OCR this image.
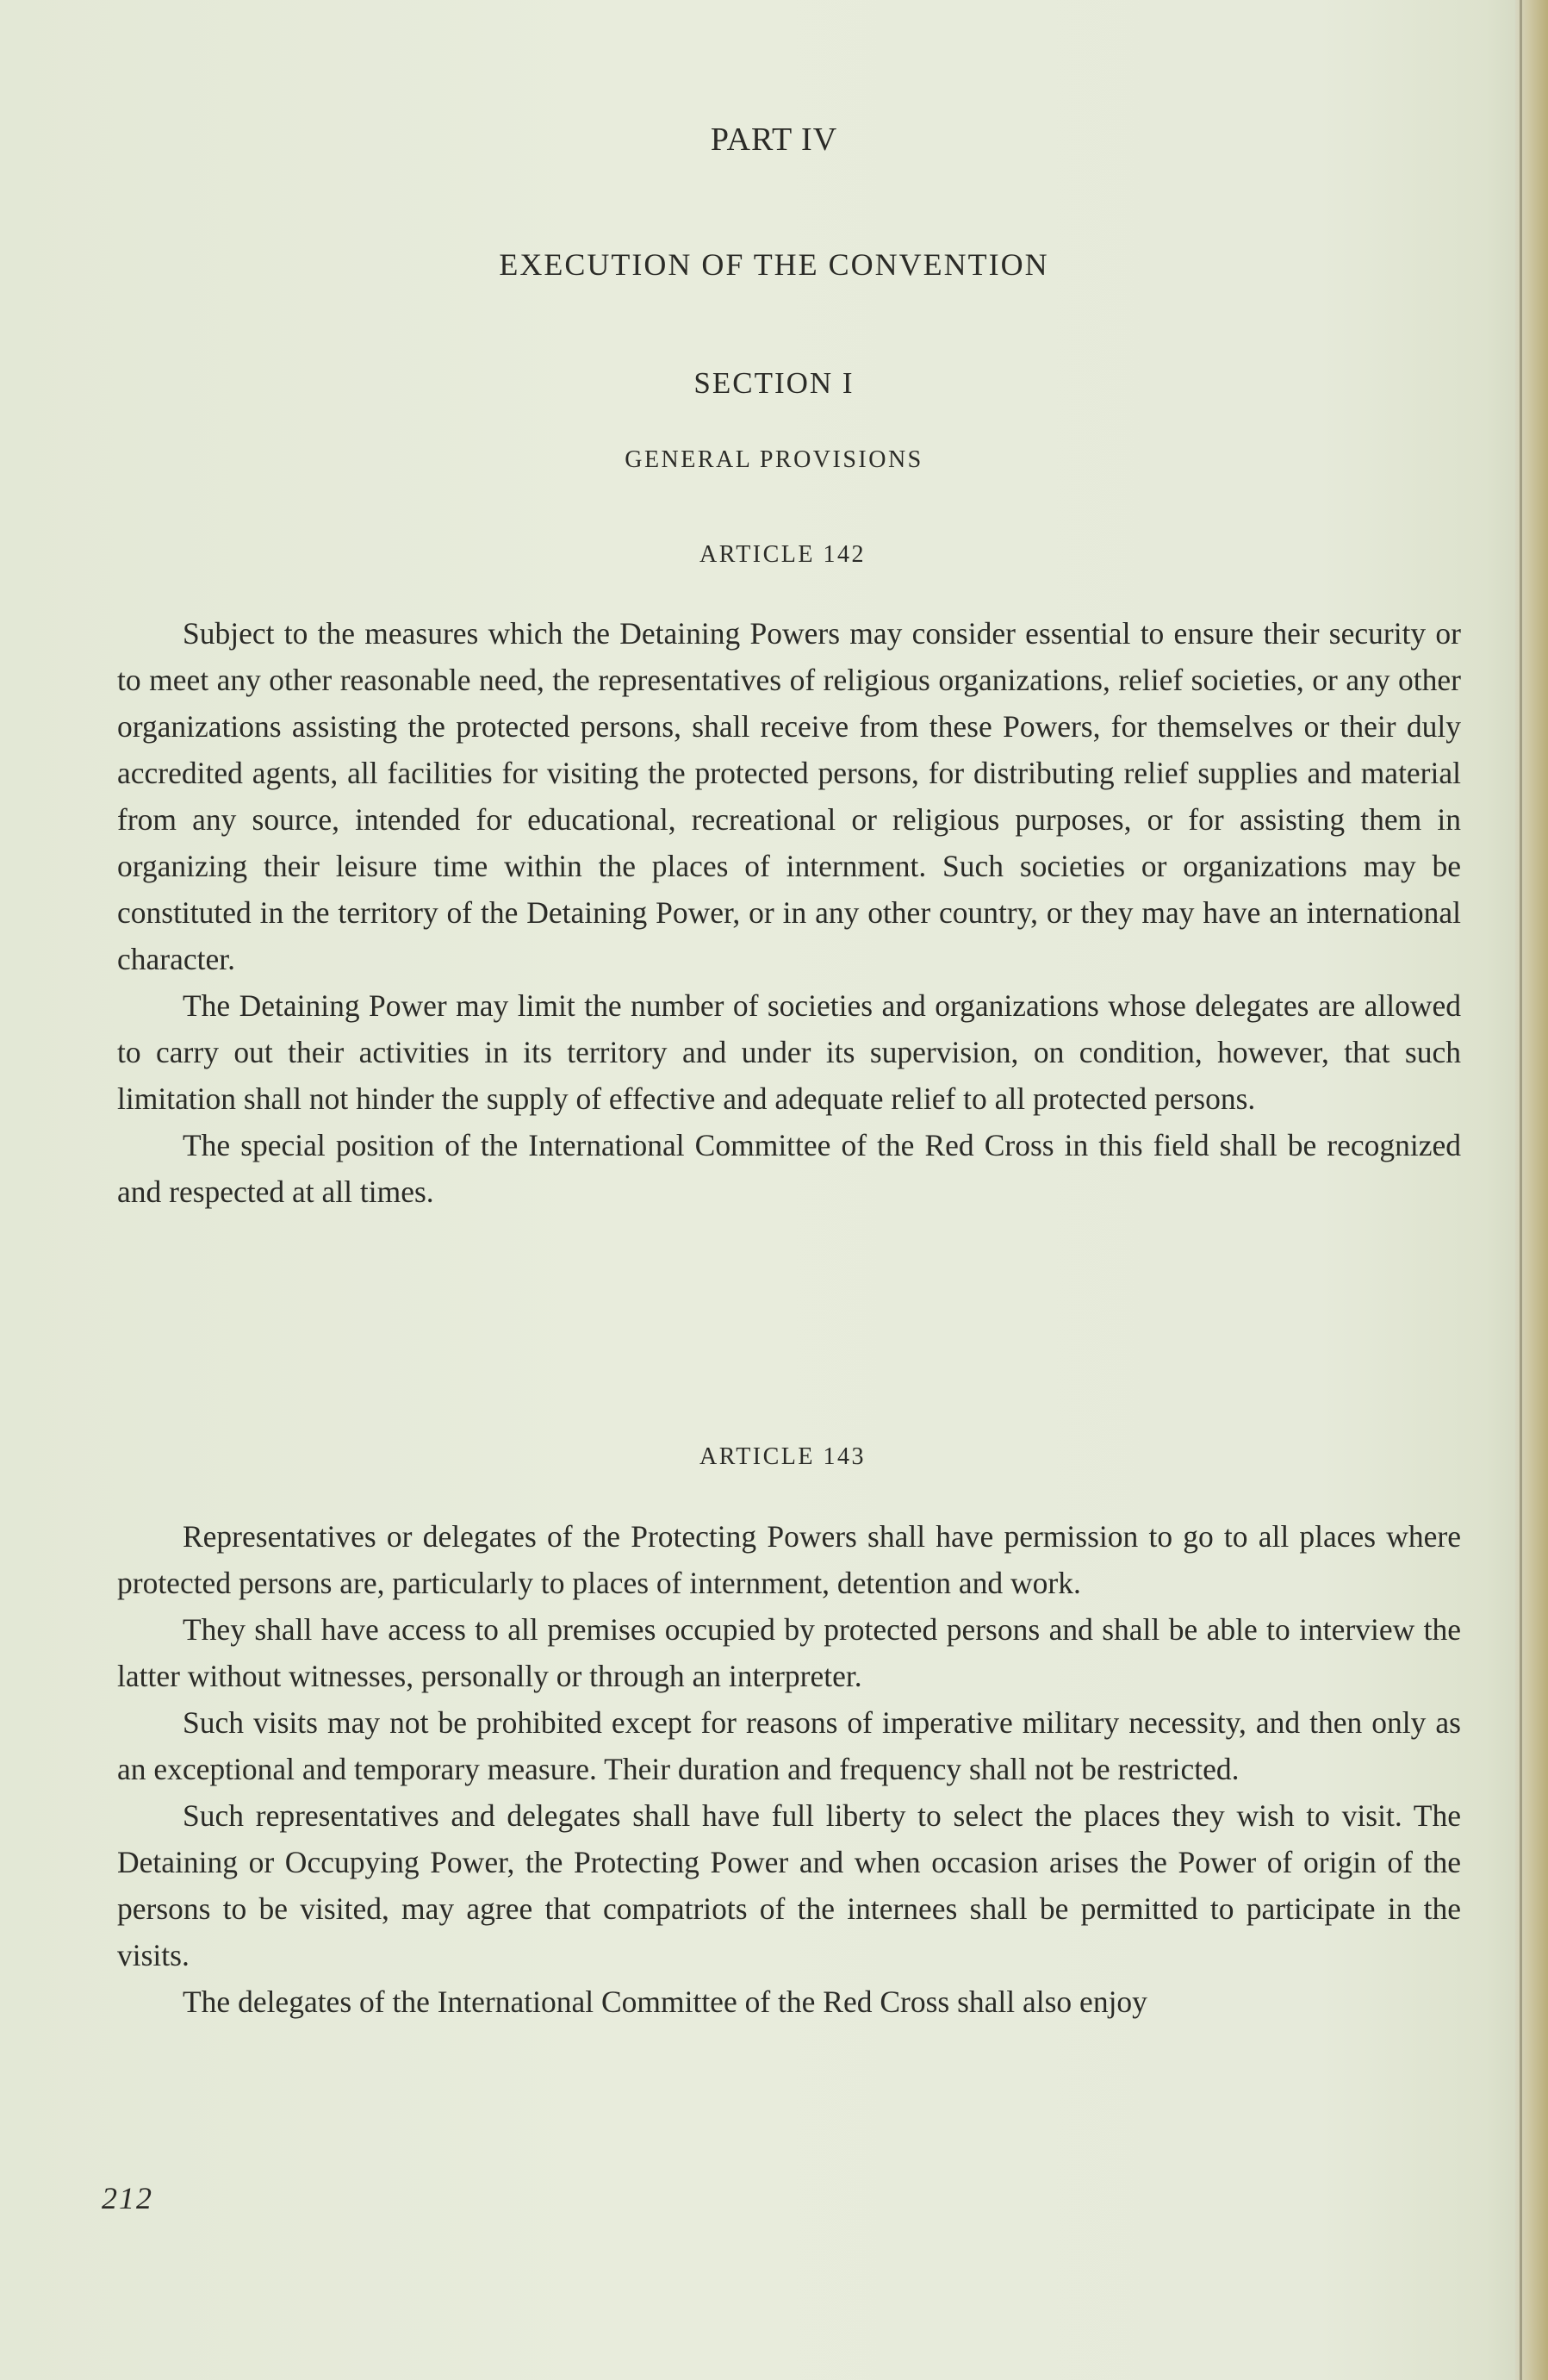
PART IV
EXECUTION OF THE CONVENTION
SECTION I
GENERAL PROVISIONS
ARTICLE 142

Subject to the measures which the Detaining Powers may consider essential to ensure their security or to meet any other reasonable need, the representatives of religious organizations, relief societies, or any other organizations assisting the protected persons, shall receive from these Powers, for themselves or their duly accredited agents, all facilities for visiting the protected persons, for distributing relief supplies and material from any source, intended for educational, recreational or religious purposes, or for assisting them in organizing their leisure time within the places of internment. Such societies or organizations may be constituted in the territory of the Detaining Power, or in any other country, or they may have an international character.

The Detaining Power may limit the number of societies and organizations whose delegates are allowed to carry out their activities in its territory and under its supervision, on condition, however, that such limitation shall not hinder the supply of effective and adequate relief to all protected persons.

The special position of the International Committee of the Red Cross in this field shall be recognized and respected at all times.

ARTICLE 143

Representatives or delegates of the Protecting Powers shall have permission to go to all places where protected persons are, particularly to places of internment, detention and work.

They shall have access to all premises occupied by protected persons and shall be able to interview the latter without witnesses, personally or through an interpreter.

Such visits may not be prohibited except for reasons of imperative military necessity, and then only as an exceptional and temporary measure. Their duration and frequency shall not be restricted.

Such representatives and delegates shall have full liberty to select the places they wish to visit. The Detaining or Occupying Power, the Protecting Power and when occasion arises the Power of origin of the persons to be visited, may agree that compatriots of the internees shall be permitted to participate in the visits.

The delegates of the International Committee of the Red Cross shall also enjoy

212
